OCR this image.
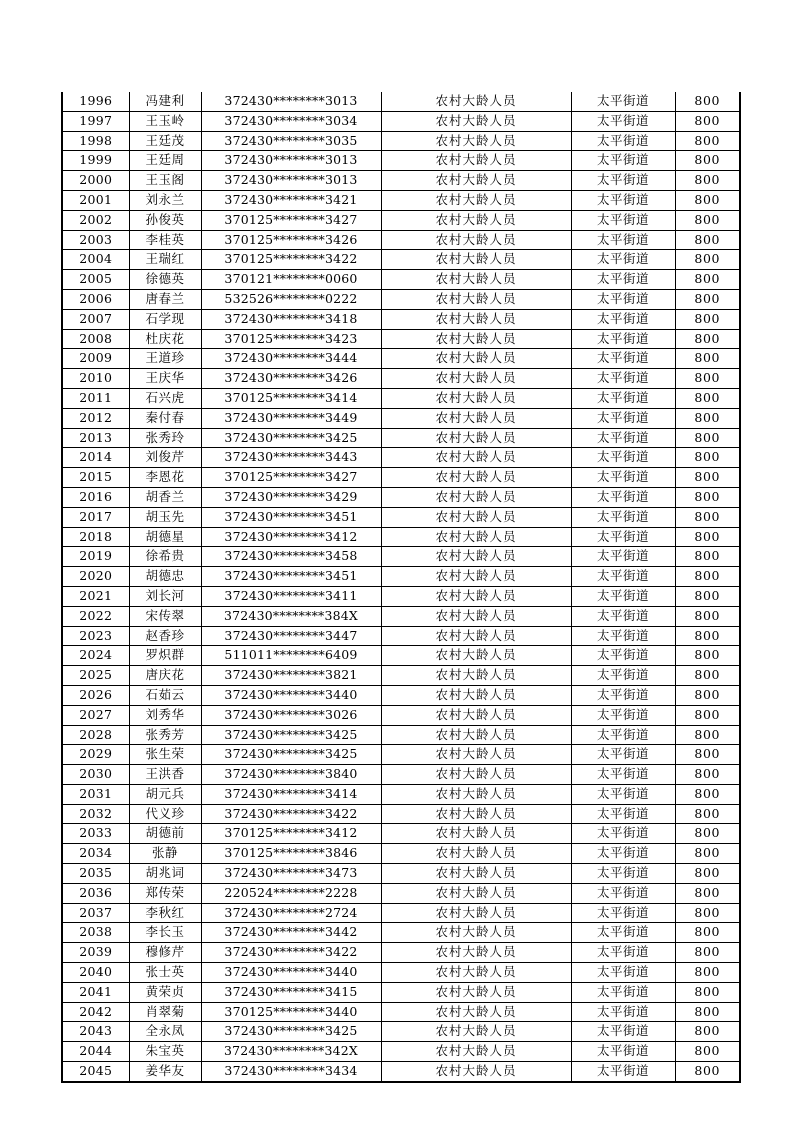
1996	冯建利	372430********3013	农村大龄人员	太平街道	800
1997	王玉岭	372430********3034	农村大龄人员	太平街道	800
1998	王廷茂	372430********3035	农村大龄人员	太平街道	800
1999	王廷周	372430********3013	农村大龄人员	太平街道	800
2000	王玉阁	372430********3013	农村大龄人员	太平街道	800
2001	刘永兰	372430********3421	农村大龄人员	太平街道	800
2002	孙俊英	370125********3427	农村大龄人员	太平街道	800
2003	李桂英	370125********3426	农村大龄人员	太平街道	800
2004	王瑞红	370125********3422	农村大龄人员	太平街道	800
2005	徐德英	370121********0060	农村大龄人员	太平街道	800
2006	唐春兰	532526********0222	农村大龄人员	太平街道	800
2007	石学现	372430********3418	农村大龄人员	太平街道	800
2008	杜庆花	370125********3423	农村大龄人员	太平街道	800
2009	王道珍	372430********3444	农村大龄人员	太平街道	800
2010	王庆华	372430********3426	农村大龄人员	太平街道	800
2011	石兴虎	370125********3414	农村大龄人员	太平街道	800
2012	秦付春	372430********3449	农村大龄人员	太平街道	800
2013	张秀玲	372430********3425	农村大龄人员	太平街道	800
2014	刘俊芹	372430********3443	农村大龄人员	太平街道	800
2015	李恩花	370125********3427	农村大龄人员	太平街道	800
2016	胡香兰	372430********3429	农村大龄人员	太平街道	800
2017	胡玉先	372430********3451	农村大龄人员	太平街道	800
2018	胡德星	372430********3412	农村大龄人员	太平街道	800
2019	徐希贵	372430********3458	农村大龄人员	太平街道	800
2020	胡德忠	372430********3451	农村大龄人员	太平街道	800
2021	刘长河	372430********3411	农村大龄人员	太平街道	800
2022	宋传翠	372430********384X	农村大龄人员	太平街道	800
2023	赵香珍	372430********3447	农村大龄人员	太平街道	800
2024	罗炽群	511011********6409	农村大龄人员	太平街道	800
2025	唐庆花	372430********3821	农村大龄人员	太平街道	800
2026	石茹云	372430********3440	农村大龄人员	太平街道	800
2027	刘秀华	372430********3026	农村大龄人员	太平街道	800
2028	张秀芳	372430********3425	农村大龄人员	太平街道	800
2029	张生荣	372430********3425	农村大龄人员	太平街道	800
2030	王洪香	372430********3840	农村大龄人员	太平街道	800
2031	胡元兵	372430********3414	农村大龄人员	太平街道	800
2032	代义珍	372430********3422	农村大龄人员	太平街道	800
2033	胡德前	370125********3412	农村大龄人员	太平街道	800
2034	张静	370125********3846	农村大龄人员	太平街道	800
2035	胡兆词	372430********3473	农村大龄人员	太平街道	800
2036	郑传荣	220524********2228	农村大龄人员	太平街道	800
2037	李秋红	372430********2724	农村大龄人员	太平街道	800
2038	李长玉	372430********3442	农村大龄人员	太平街道	800
2039	穆修芹	372430********3422	农村大龄人员	太平街道	800
2040	张士英	372430********3440	农村大龄人员	太平街道	800
2041	黄荣贞	372430********3415	农村大龄人员	太平街道	800
2042	肖翠菊	370125********3440	农村大龄人员	太平街道	800
2043	全永凤	372430********3425	农村大龄人员	太平街道	800
2044	朱宝英	372430********342X	农村大龄人员	太平街道	800
2045	姜华友	372430********3434	农村大龄人员	太平街道	800
